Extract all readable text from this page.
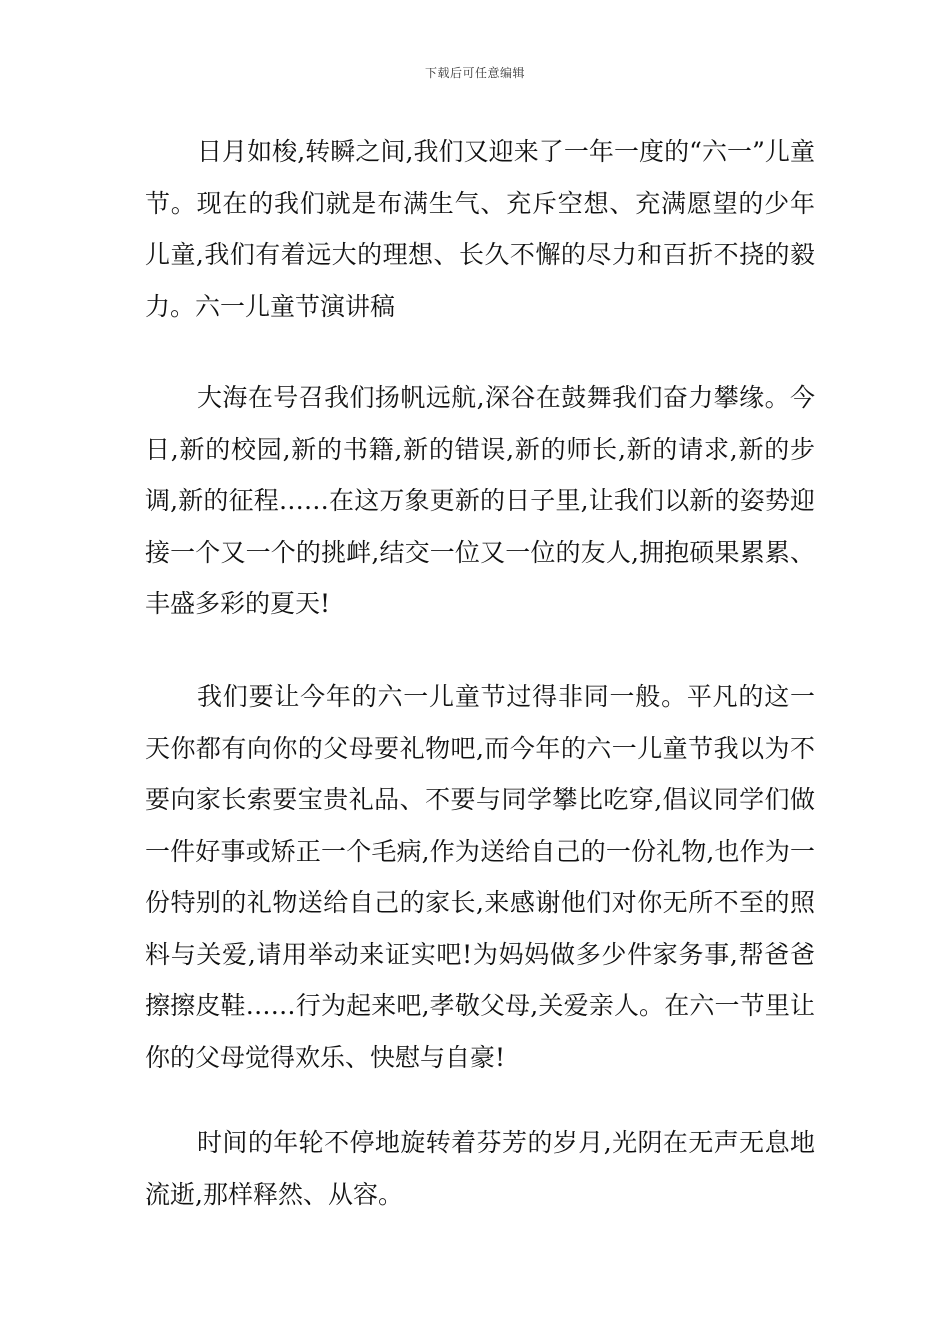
下载后可任意编辑

日月如梭,转瞬之间,我们又迎来了一年一度的“六一”儿童节。现在的我们就是布满生气、充斥空想、充满愿望的少年儿童,我们有着远大的理想、长久不懈的尽力和百折不挠的毅力。六一儿童节演讲稿

大海在号召我们扬帆远航,深谷在鼓舞我们奋力攀缘。今日,新的校园,新的书籍,新的错误,新的师长,新的请求,新的步调,新的征程……在这万象更新的日子里,让我们以新的姿势迎接一个又一个的挑衅,结交一位又一位的友人,拥抱硕果累累、丰盛多彩的夏天!

我们要让今年的六一儿童节过得非同一般。平凡的这一天你都有向你的父母要礼物吧,而今年的六一儿童节我以为不要向家长索要宝贵礼品、不要与同学攀比吃穿,倡议同学们做一件好事或矫正一个毛病,作为送给自己的一份礼物,也作为一份特别的礼物送给自己的家长,来感谢他们对你无所不至的照料与关爱,请用举动来证实吧!为妈妈做多少件家务事,帮爸爸擦擦皮鞋……行为起来吧,孝敬父母,关爱亲人。在六一节里让你的父母觉得欢乐、快慰与自豪!

时间的年轮不停地旋转着芬芳的岁月,光阴在无声无息地流逝,那样释然、从容。
